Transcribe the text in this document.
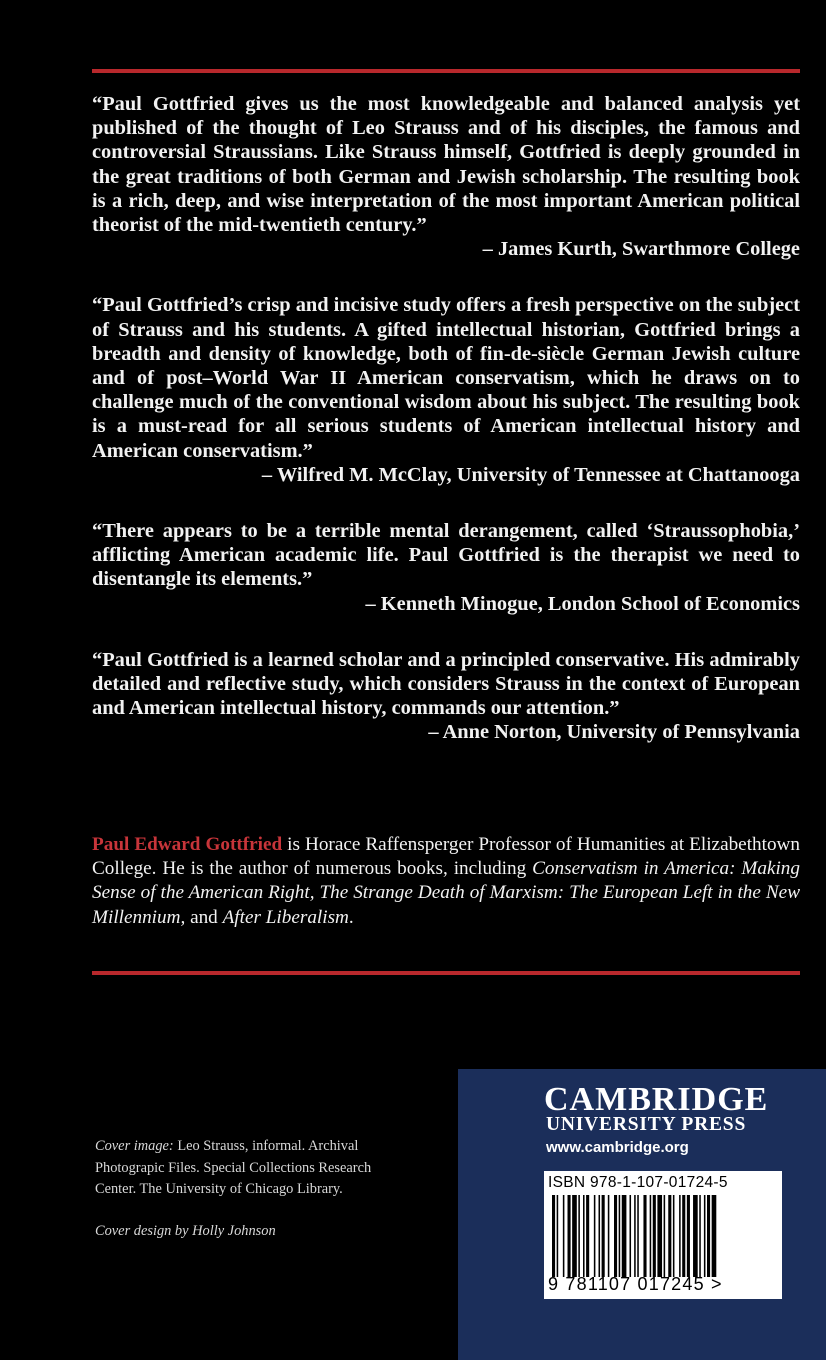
“Paul Gottfried gives us the most knowledgeable and balanced analysis yet published of the thought of Leo Strauss and of his disciples, the famous and controversial Straussians. Like Strauss himself, Gottfried is deeply grounded in the great traditions of both German and Jewish scholarship. The resulting book is a rich, deep, and wise interpretation of the most important American political theorist of the mid-twentieth century.”

– James Kurth, Swarthmore College

“Paul Gottfried’s crisp and incisive study offers a fresh perspective on the subject of Strauss and his students. A gifted intellectual historian, Gottfried brings a breadth and density of knowledge, both of fin-de-siècle German Jewish culture and of post–World War II American conservatism, which he draws on to challenge much of the conventional wisdom about his subject. The resulting book is a must-read for all serious students of American intellectual history and American conservatism.”

– Wilfred M. McClay, University of Tennessee at Chattanooga

“There appears to be a terrible mental derangement, called ‘Straussophobia,’ afflicting American academic life. Paul Gottfried is the therapist we need to disentangle its elements.”

– Kenneth Minogue, London School of Economics

“Paul Gottfried is a learned scholar and a principled conservative. His admirably detailed and reflective study, which considers Strauss in the context of European and American intellectual history, commands our attention.”

– Anne Norton, University of Pennsylvania

Paul Edward Gottfried is Horace Raffensperger Professor of Humanities at Elizabethtown College. He is the author of numerous books, including Conservatism in America: Making Sense of the American Right, The Strange Death of Marxism: The European Left in the New Millennium, and After Liberalism.
Cover image: Leo Strauss, informal. Archival Photograpic Files. Special Collections Research Center. The University of Chicago Library.
Cover design by Holly Johnson
CAMBRIDGE
UNIVERSITY PRESS
www.cambridge.org
ISBN 978-1-107-01724-5
9 781107 017245 >
